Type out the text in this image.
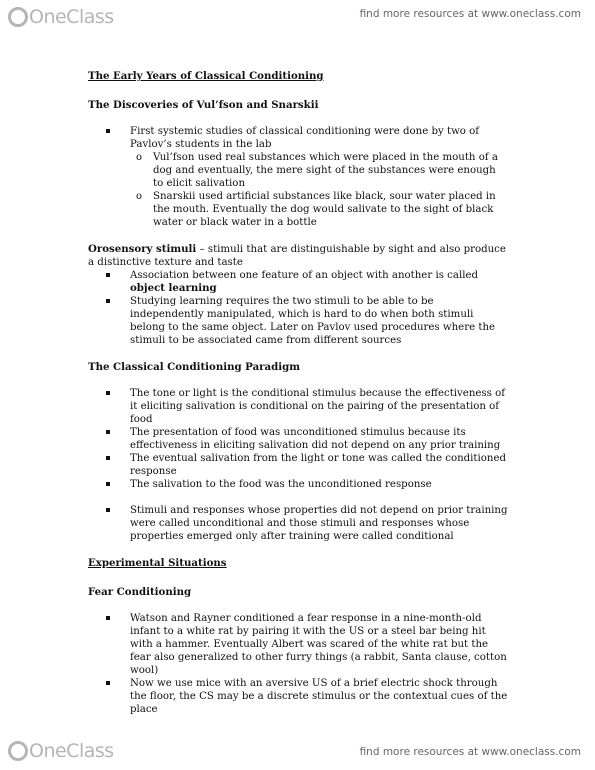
OneClass	find more resources at www.oneclass.com
The Early Years of Classical Conditioning
The Discoveries of Vul’fson and Snarskii
First systemic studies of classical conditioning were done by two of Pavlov’s students in the lab
o Vul’fson used real substances which were placed in the mouth of a dog and eventually, the mere sight of the substances were enough to elicit salivation
o Snarskii used artificial substances like black, sour water placed in the mouth. Eventually the dog would salivate to the sight of black water or black water in a bottle
Orosensory stimuli – stimuli that are distinguishable by sight and also produce a distinctive texture and taste
Association between one feature of an object with another is called object learning
Studying learning requires the two stimuli to be able to be independently manipulated, which is hard to do when both stimuli belong to the same object. Later on Pavlov used procedures where the stimuli to be associated came from different sources
The Classical Conditioning Paradigm
The tone or light is the conditional stimulus because the effectiveness of it eliciting salivation is conditional on the pairing of the presentation of food
The presentation of food was unconditioned stimulus because its effectiveness in eliciting salivation did not depend on any prior training
The eventual salivation from the light or tone was called the conditioned response
The salivation to the food was the unconditioned response
Stimuli and responses whose properties did not depend on prior training were called unconditional and those stimuli and responses whose properties emerged only after training were called conditional
Experimental Situations
Fear Conditioning
Watson and Rayner conditioned a fear response in a nine-month-old infant to a white rat by pairing it with the US or a steel bar being hit with a hammer. Eventually Albert was scared of the white rat but the fear also generalized to other furry things (a rabbit, Santa clause, cotton wool)
Now we use mice with an aversive US of a brief electric shock through the floor, the CS may be a discrete stimulus or the contextual cues of the place
OneClass	find more resources at www.oneclass.com
